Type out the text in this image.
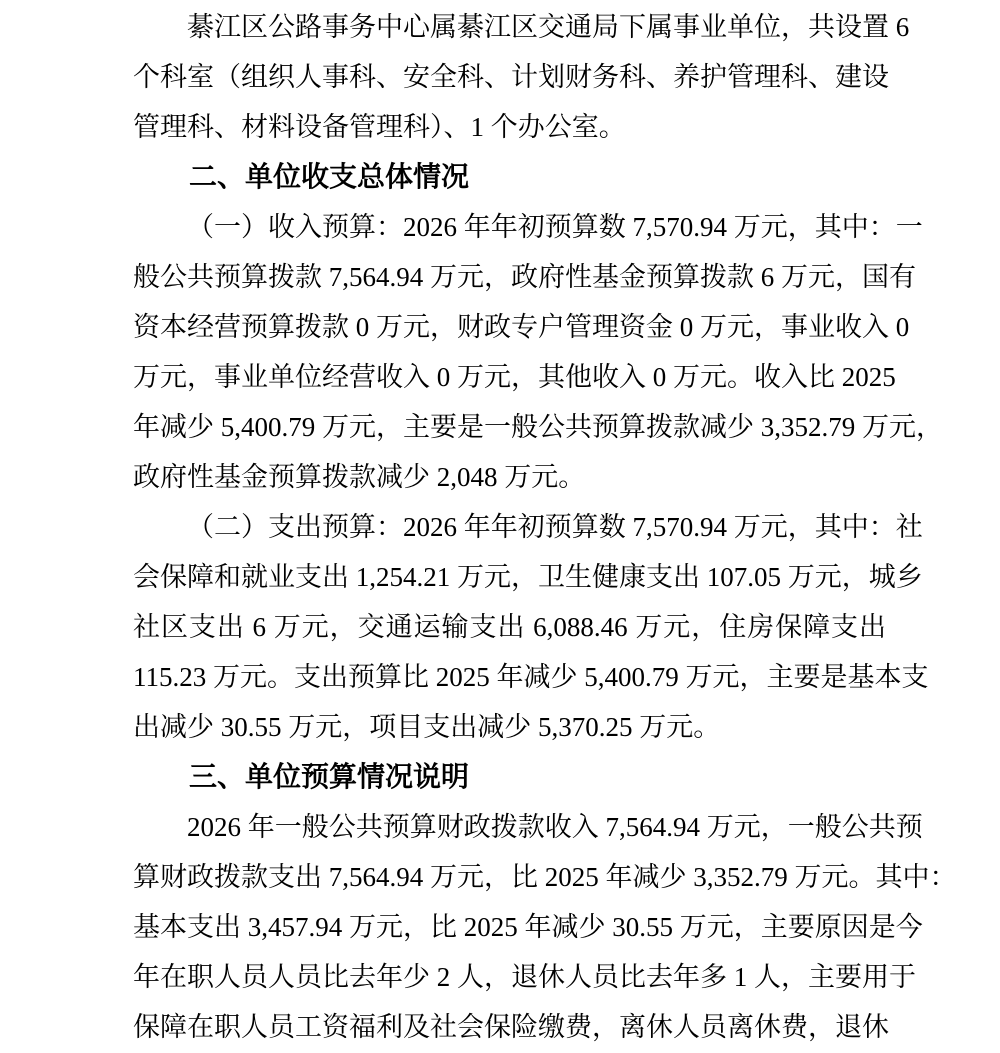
綦江区公路事务中心属綦江区交通局下属事业单位，共设置 6
个科室（组织人事科、安全科、计划财务科、养护管理科、建设
管理科、材料设备管理科）、1 个办公室。
二、单位收支总体情况
（一）收入预算：2026 年年初预算数 7,570.94 万元，其中：一
般公共预算拨款 7,564.94 万元，政府性基金预算拨款 6 万元，国有
资本经营预算拨款 0 万元，财政专户管理资金 0 万元，事业收入 0
万元，事业单位经营收入 0 万元，其他收入 0 万元。收入比 2025
年减少 5,400.79 万元，主要是一般公共预算拨款减少 3,352.79 万元，
政府性基金预算拨款减少 2,048 万元。
（二）支出预算：2026 年年初预算数 7,570.94 万元，其中：社
会保障和就业支出 1,254.21 万元，卫生健康支出 107.05 万元，城乡
社区支出 6 万元，交通运输支出 6,088.46 万元，住房保障支出
115.23 万元。支出预算比 2025 年减少 5,400.79 万元，主要是基本支
出减少 30.55 万元，项目支出减少 5,370.25 万元。
三、单位预算情况说明
2026 年一般公共预算财政拨款收入 7,564.94 万元，一般公共预
算财政拨款支出 7,564.94 万元，比 2025 年减少 3,352.79 万元。其中：
基本支出 3,457.94 万元，比 2025 年减少 30.55 万元，主要原因是今
年在职人员人员比去年少 2 人，退休人员比去年多 1 人，主要用于
保障在职人员工资福利及社会保险缴费，离休人员离休费，退休
